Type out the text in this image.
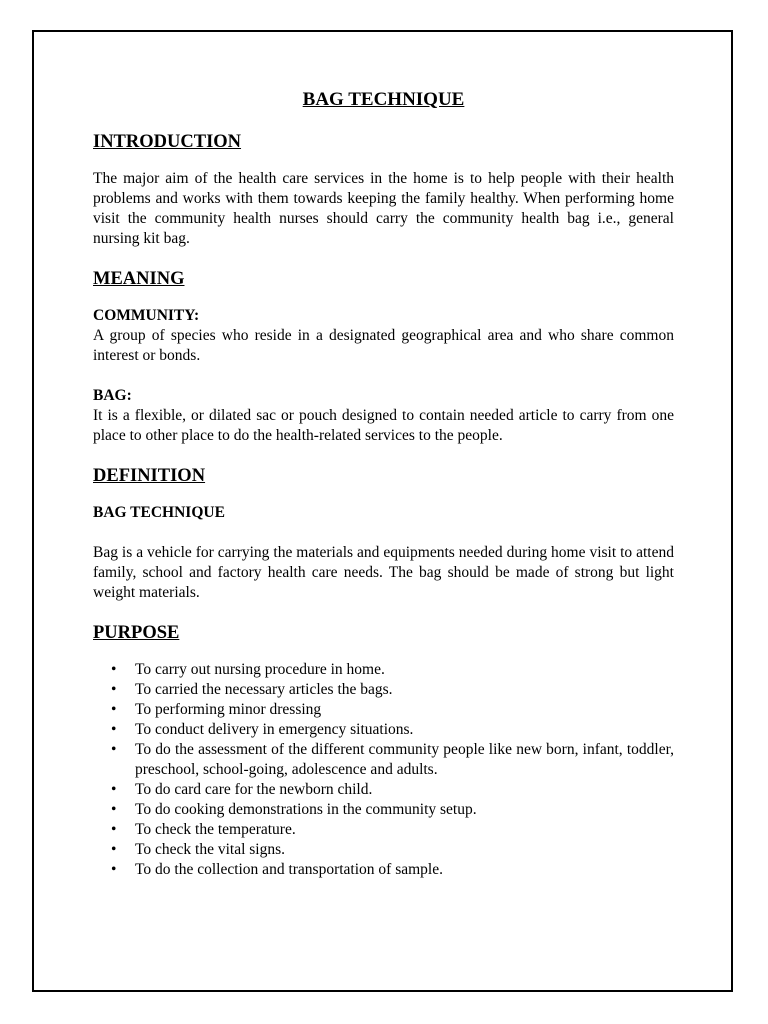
BAG TECHNIQUE
INTRODUCTION

The major aim of the health care services in the home is to help people with their health problems and works with them towards keeping the family healthy. When performing home visit the community health nurses should carry the community health bag i.e., general nursing kit bag.

MEANING
COMMUNITY:

A group of species who reside in a designated geographical area and who share common interest or bonds.

BAG:

It is a flexible, or dilated sac or pouch designed to contain needed article to carry from one place to other place to do the health-related services to the people.

DEFINITION
BAG TECHNIQUE

Bag is a vehicle for carrying the materials and equipments needed during home visit to attend family, school and factory health care needs. The bag should be made of strong but light weight materials.

PURPOSE
• To carry out nursing procedure in home.
• To carried the necessary articles the bags.
• To performing minor dressing
• To conduct delivery in emergency situations.
• To do the assessment of the different community people like new born, infant, toddler, preschool, school-going, adolescence and adults.
• To do card care for the newborn child.
• To do cooking demonstrations in the community setup.
• To check the temperature.
• To check the vital signs.
• To do the collection and transportation of sample.
